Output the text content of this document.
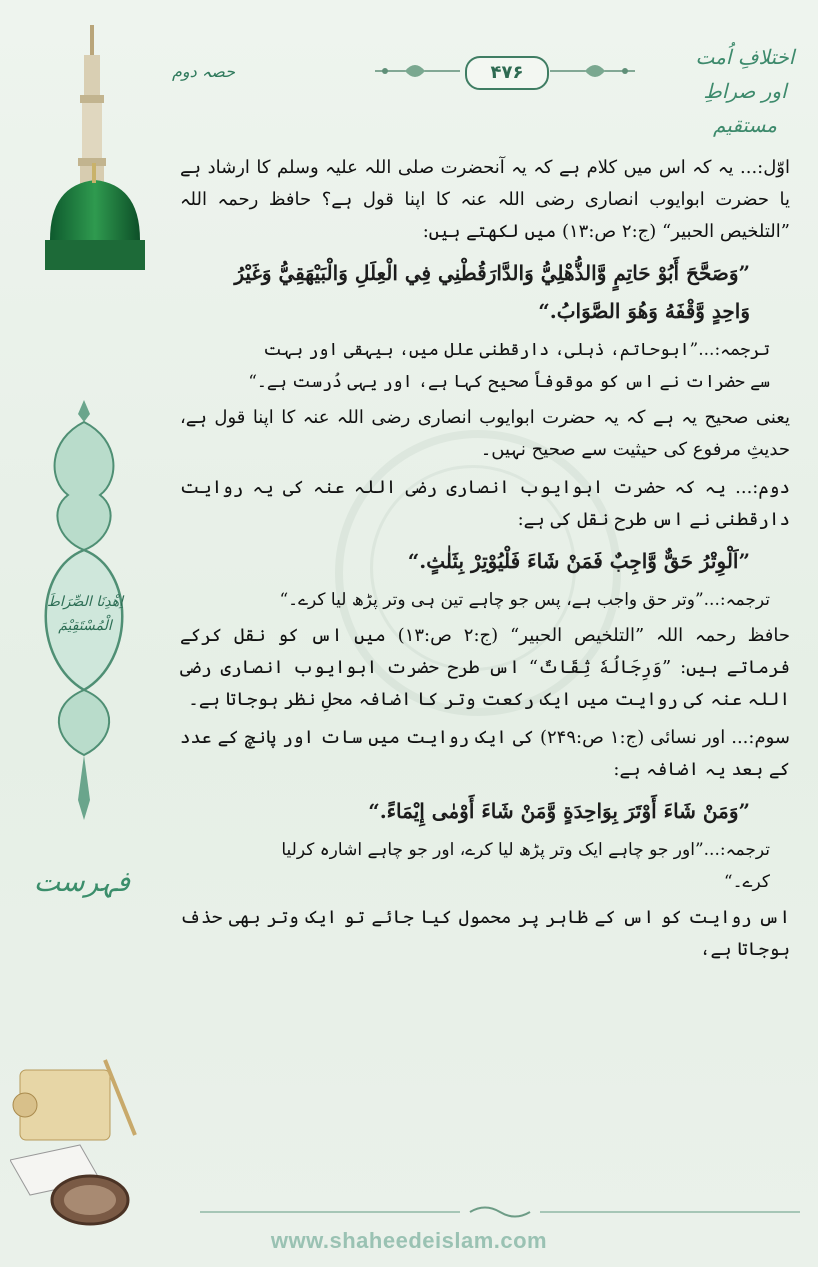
اختلافِ اُمت اور صراطِ مستقیم
۴۷۶
حصہ دوم
اِھْدِنَا الصِّرَاطَ الْمُسْتَقِيْمَ
فہرست

اوّل:... یہ کہ اس میں کلام ہے کہ یہ آنحضرت صلی اللہ علیہ وسلم کا ارشاد ہے یا حضرت ابوایوب انصاری رضی اللہ عنہ کا اپنا قول ہے؟ حافظ رحمہ اللہ ”التلخیص الحبیر“ (ج:۲ ص:۱۳) میں لکھتے ہیں:

”وَصَحَّحَ أَبُوْ حَاتِمٍ وَّالذُّهْلِيُّ وَالدَّارَقُطْنِي فِي الْعِلَلِ وَالْبَيْهَقِيُّ وَغَيْرُ وَاحِدٍ وَّقْفَهُ وَهُوَ الصَّوَابُ.“

ترجمہ:...”ابوحاتم، ذہلی، دارقطنی علل میں، بیہقی اور بہت سے حضرات نے اس کو موقوفاً صحیح کہا ہے، اور یہی دُرست ہے۔“

یعنی صحیح یہ ہے کہ یہ حضرت ابوایوب انصاری رضی اللہ عنہ کا اپنا قول ہے، حدیثِ مرفوع کی حیثیت سے صحیح نہیں۔

دوم:... یہ کہ حضرت ابوایوب انصاری رضی اللہ عنہ کی یہ روایت دارقطنی نے اس طرح نقل کی ہے:

”اَلْوِتْرُ حَقٌّ وَّاجِبٌ فَمَنْ شَاءَ فَلْيُوْتِرْ بِثَلٰثٍ.“

ترجمہ:...”وتر حق واجب ہے، پس جو چاہے تین ہی وتر پڑھ لیا کرے۔“

حافظ رحمہ اللہ ”التلخیص الحبیر“ (ج:۲ ص:۱۳) میں اس کو نقل کرکے فرماتے ہیں: ”وَرِجَالُهٗ ثِقَاتٌ“ اس طرح حضرت ابوایوب انصاری رضی اللہ عنہ کی روایت میں ایک رکعت وتر کا اضافہ محلِ نظر ہوجاتا ہے۔

سوم:... اور نسائی (ج:۱ ص:۲۴۹) کی ایک روایت میں سات اور پانچ کے عدد کے بعد یہ اضافہ ہے:

”وَمَنْ شَاءَ أَوْتَرَ بِوَاحِدَةٍ وَّمَنْ شَاءَ أَوْمٰى إِيْمَاءً.“

ترجمہ:...”اور جو چاہے ایک وتر پڑھ لیا کرے، اور جو چاہے اشارہ کرلیا کرے۔“

اس روایت کو اس کے ظاہر پر محمول کیا جائے تو ایک وتر بھی حذف ہوجاتا ہے،

www.shaheedeislam.com
